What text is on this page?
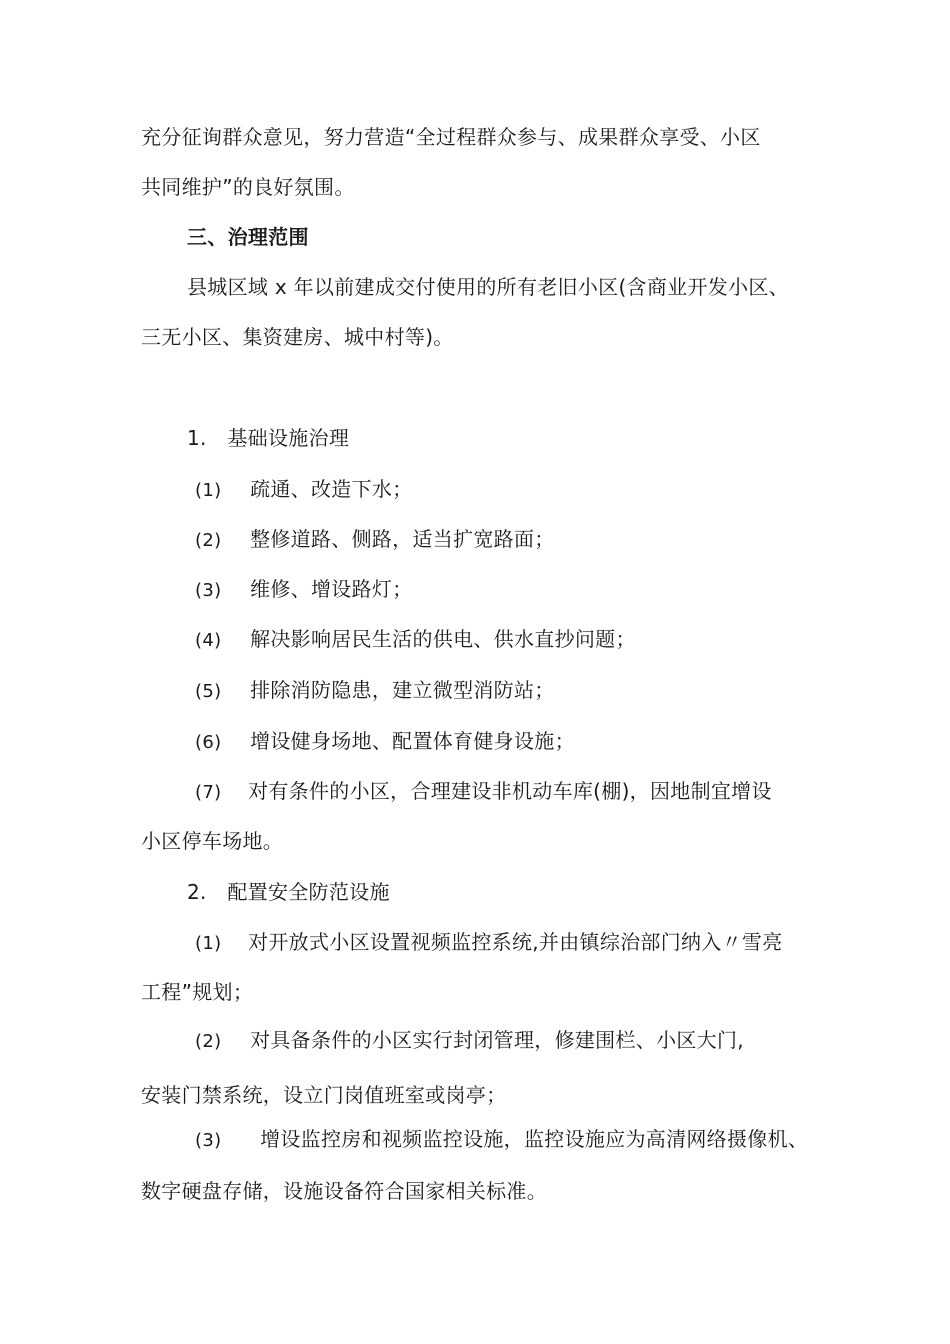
充分征询群众意见，努力营造“全过程群众参与、成果群众享受、小区
共同维护”的良好氛围。
三、治理范围
县城区域 x 年以前建成交付使用的所有老旧小区(含商业开发小区、
三无小区、集资建房、城中村等)。
1. 基础设施治理
(1) 疏通、改造下水；
(2) 整修道路、侧路，适当扩宽路面；
(3) 维修、增设路灯；
(4) 解决影响居民生活的供电、供水直抄问题；
(5) 排除消防隐患，建立微型消防站；
(6) 增设健身场地、配置体育健身设施；
(7) 对有条件的小区，合理建设非机动车库(棚)，因地制宜增设
小区停车场地。
2. 配置安全防范设施
(1) 对开放式小区设置视频监控系统,并由镇综治部门纳入〃雪亮
工程”规划；
(2) 对具备条件的小区实行封闭管理，修建围栏、小区大门,
安装门禁系统，设立门岗值班室或岗亭；
(3) 增设监控房和视频监控设施，监控设施应为高清网络摄像机、
数字硬盘存储，设施设备符合国家相关标准。
